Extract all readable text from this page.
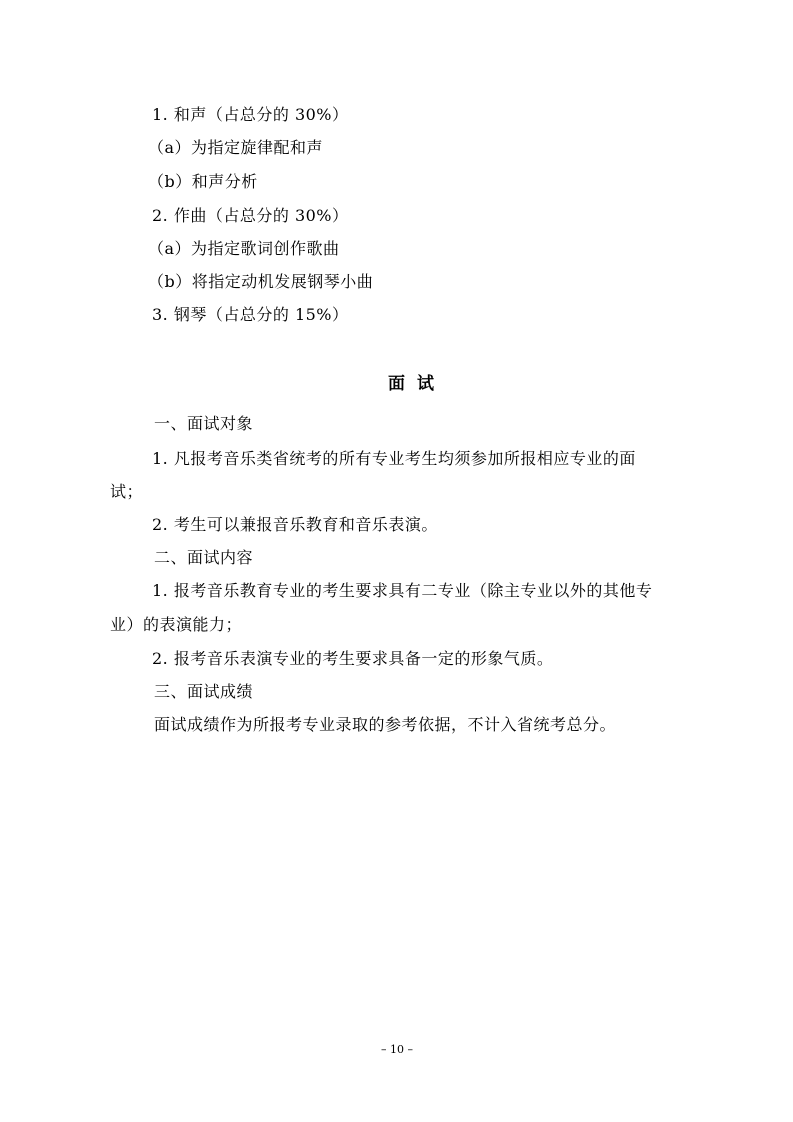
1. 和声（占总分的 30%）
（a）为指定旋律配和声
（b）和声分析
2. 作曲（占总分的 30%）
（a）为指定歌词创作歌曲
（b）将指定动机发展钢琴小曲
3. 钢琴（占总分的 15%）
面试
一、面试对象
1. 凡报考音乐类省统考的所有专业考生均须参加所报相应专业的面
试；
2. 考生可以兼报音乐教育和音乐表演。
二、面试内容
1. 报考音乐教育专业的考生要求具有二专业（除主专业以外的其他专
业）的表演能力；
2. 报考音乐表演专业的考生要求具备一定的形象气质。
三、面试成绩
面试成绩作为所报考专业录取的参考依据，不计入省统考总分。
– 10 –
